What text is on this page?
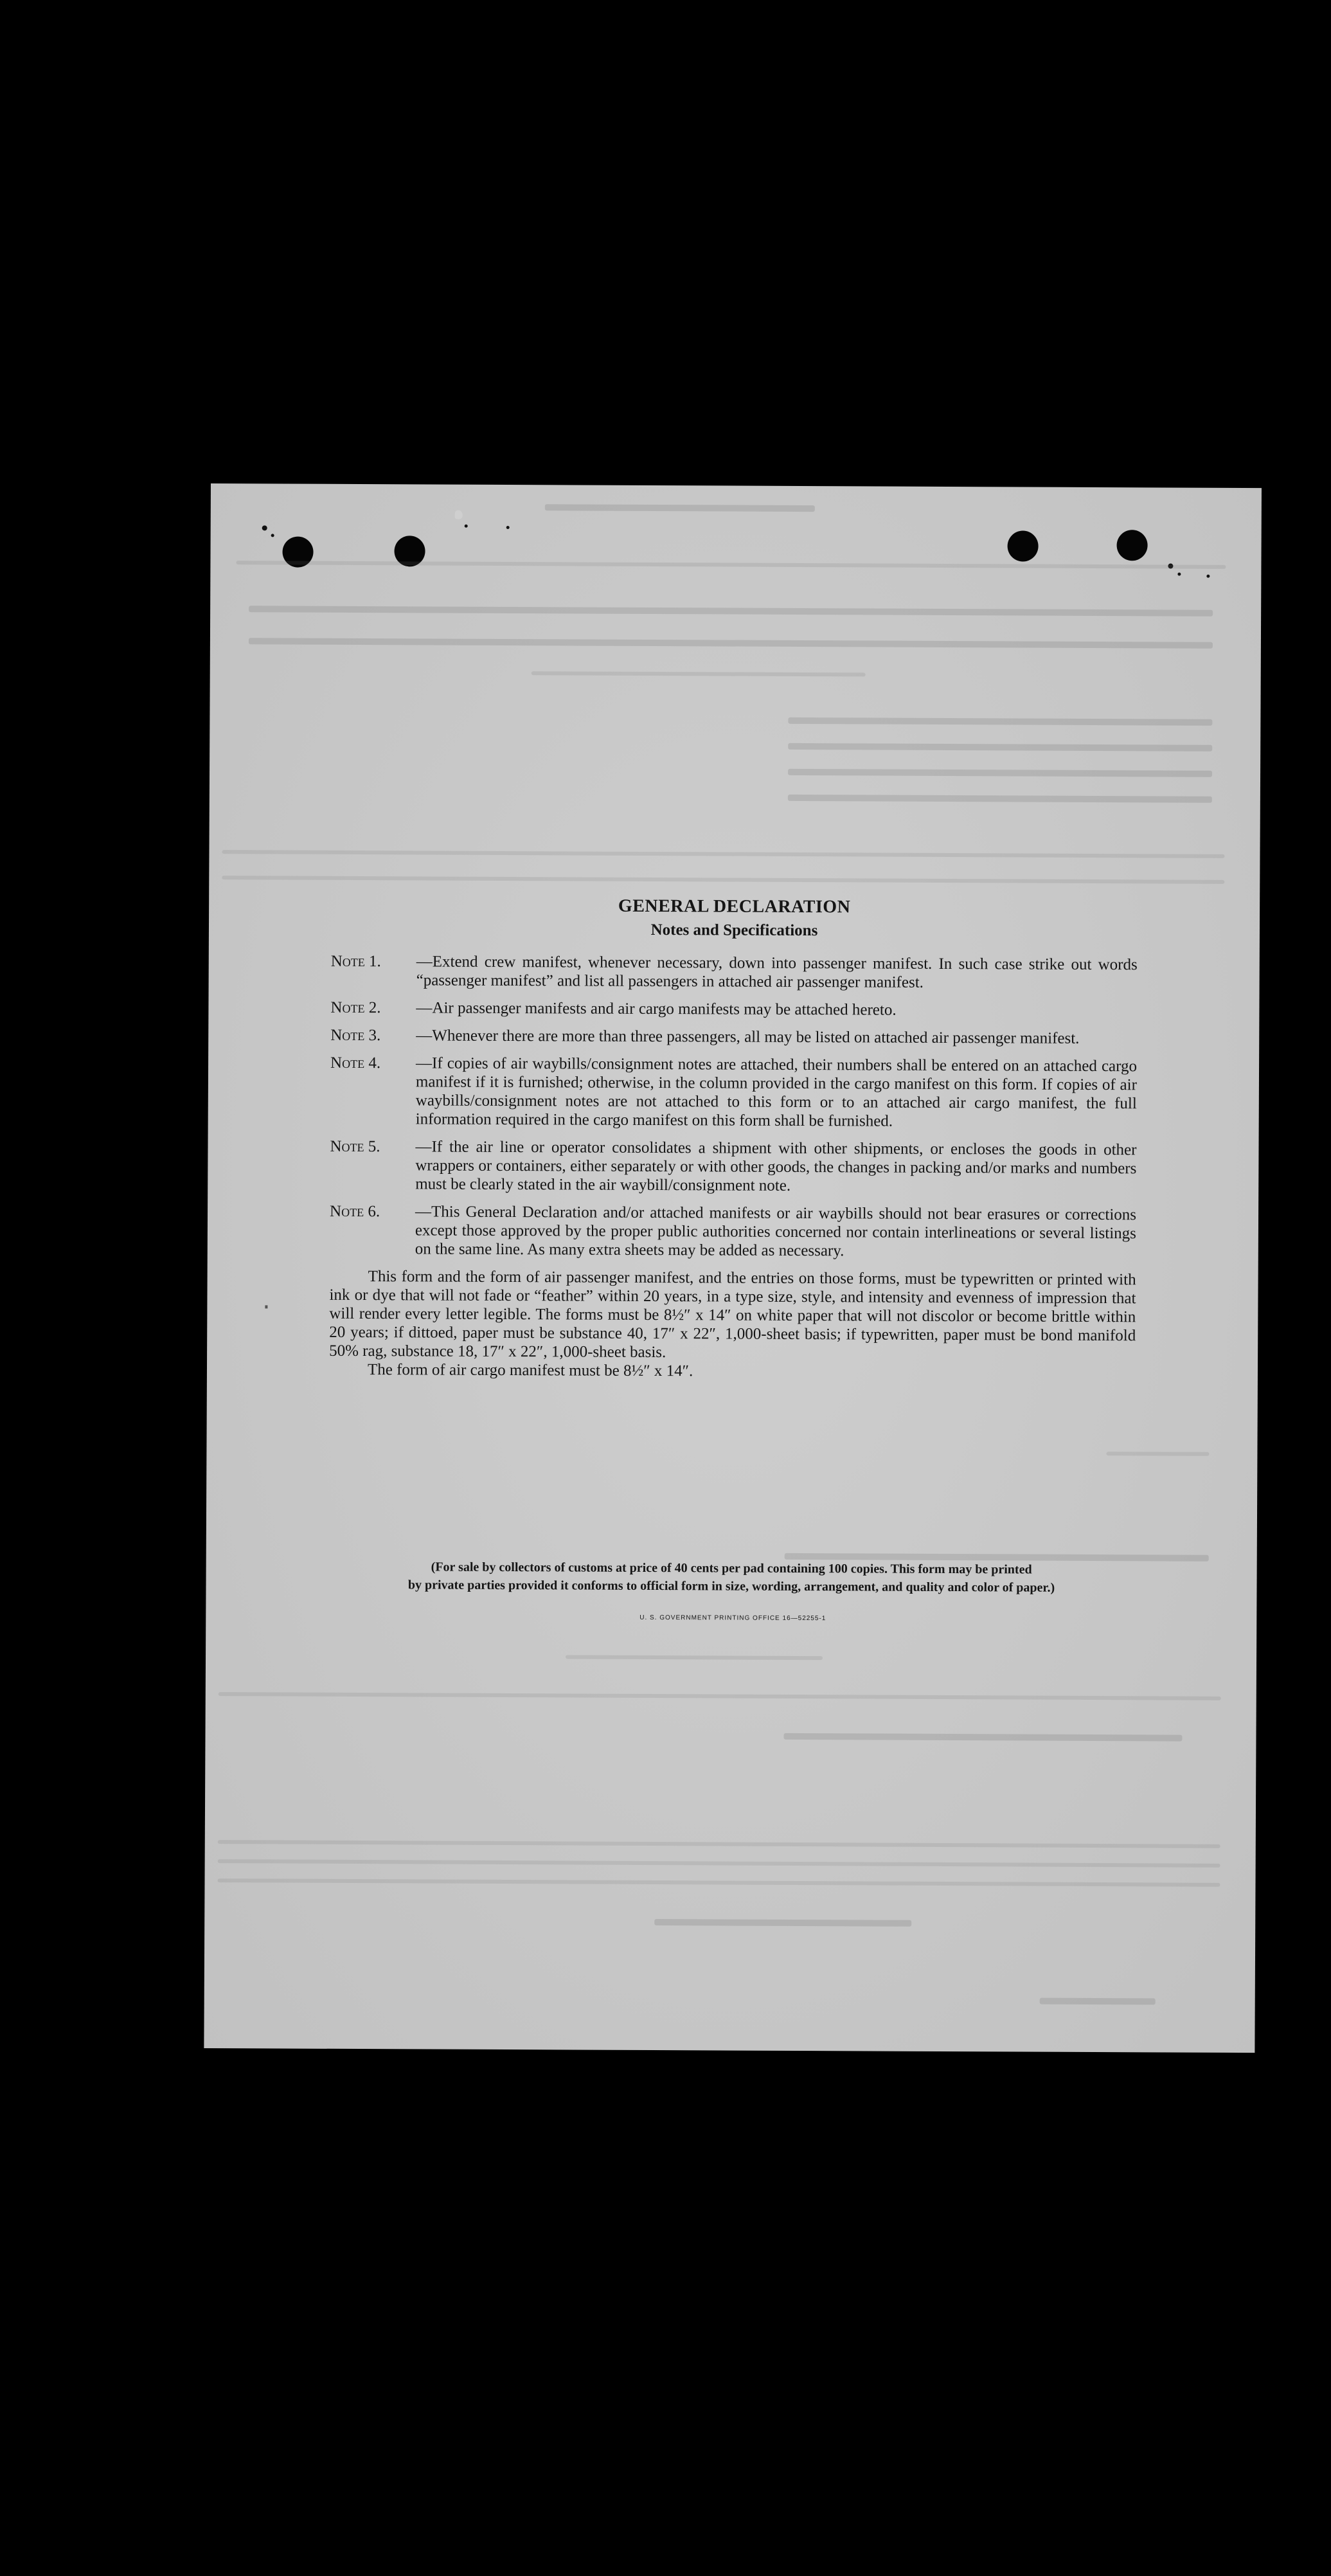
GENERAL DECLARATION
Notes and Specifications
Note 1. —Extend crew manifest, whenever necessary, down into passenger manifest. In such case strike out words “passenger manifest” and list all passengers in attached air passenger manifest.
Note 2. —Air passenger manifests and air cargo manifests may be attached hereto.
Note 3. —Whenever there are more than three passengers, all may be listed on attached air passenger manifest.
Note 4. —If copies of air waybills/consignment notes are attached, their numbers shall be entered on an attached cargo manifest if it is furnished; otherwise, in the column provided in the cargo manifest on this form. If copies of air waybills/consignment notes are not attached to this form or to an attached air cargo manifest, the full information required in the cargo manifest on this form shall be furnished.
Note 5. —If the air line or operator consolidates a shipment with other shipments, or encloses the goods in other wrappers or containers, either separately or with other goods, the changes in packing and/or marks and numbers must be clearly stated in the air waybill/consignment note.
Note 6. —This General Declaration and/or attached manifests or air waybills should not bear erasures or corrections except those approved by the proper public authorities concerned nor contain interlineations or several listings on the same line. As many extra sheets may be added as necessary.
This form and the form of air passenger manifest, and the entries on those forms, must be typewritten or printed with ink or dye that will not fade or “feather” within 20 years, in a type size, style, and intensity and evenness of impression that will render every letter legible. The forms must be 8½″ x 14″ on white paper that will not discolor or become brittle within 20 years; if dittoed, paper must be substance 40, 17″ x 22″, 1,000-sheet basis; if typewritten, paper must be bond manifold 50% rag, substance 18, 17″ x 22″, 1,000-sheet basis.
The form of air cargo manifest must be 8½″ x 14″.
(For sale by collectors of customs at price of 40 cents per pad containing 100 copies. This form may be printed
by private parties provided it conforms to official form in size, wording, arrangement, and quality and color of paper.)
U. S. GOVERNMENT PRINTING OFFICE 16—52255-1
